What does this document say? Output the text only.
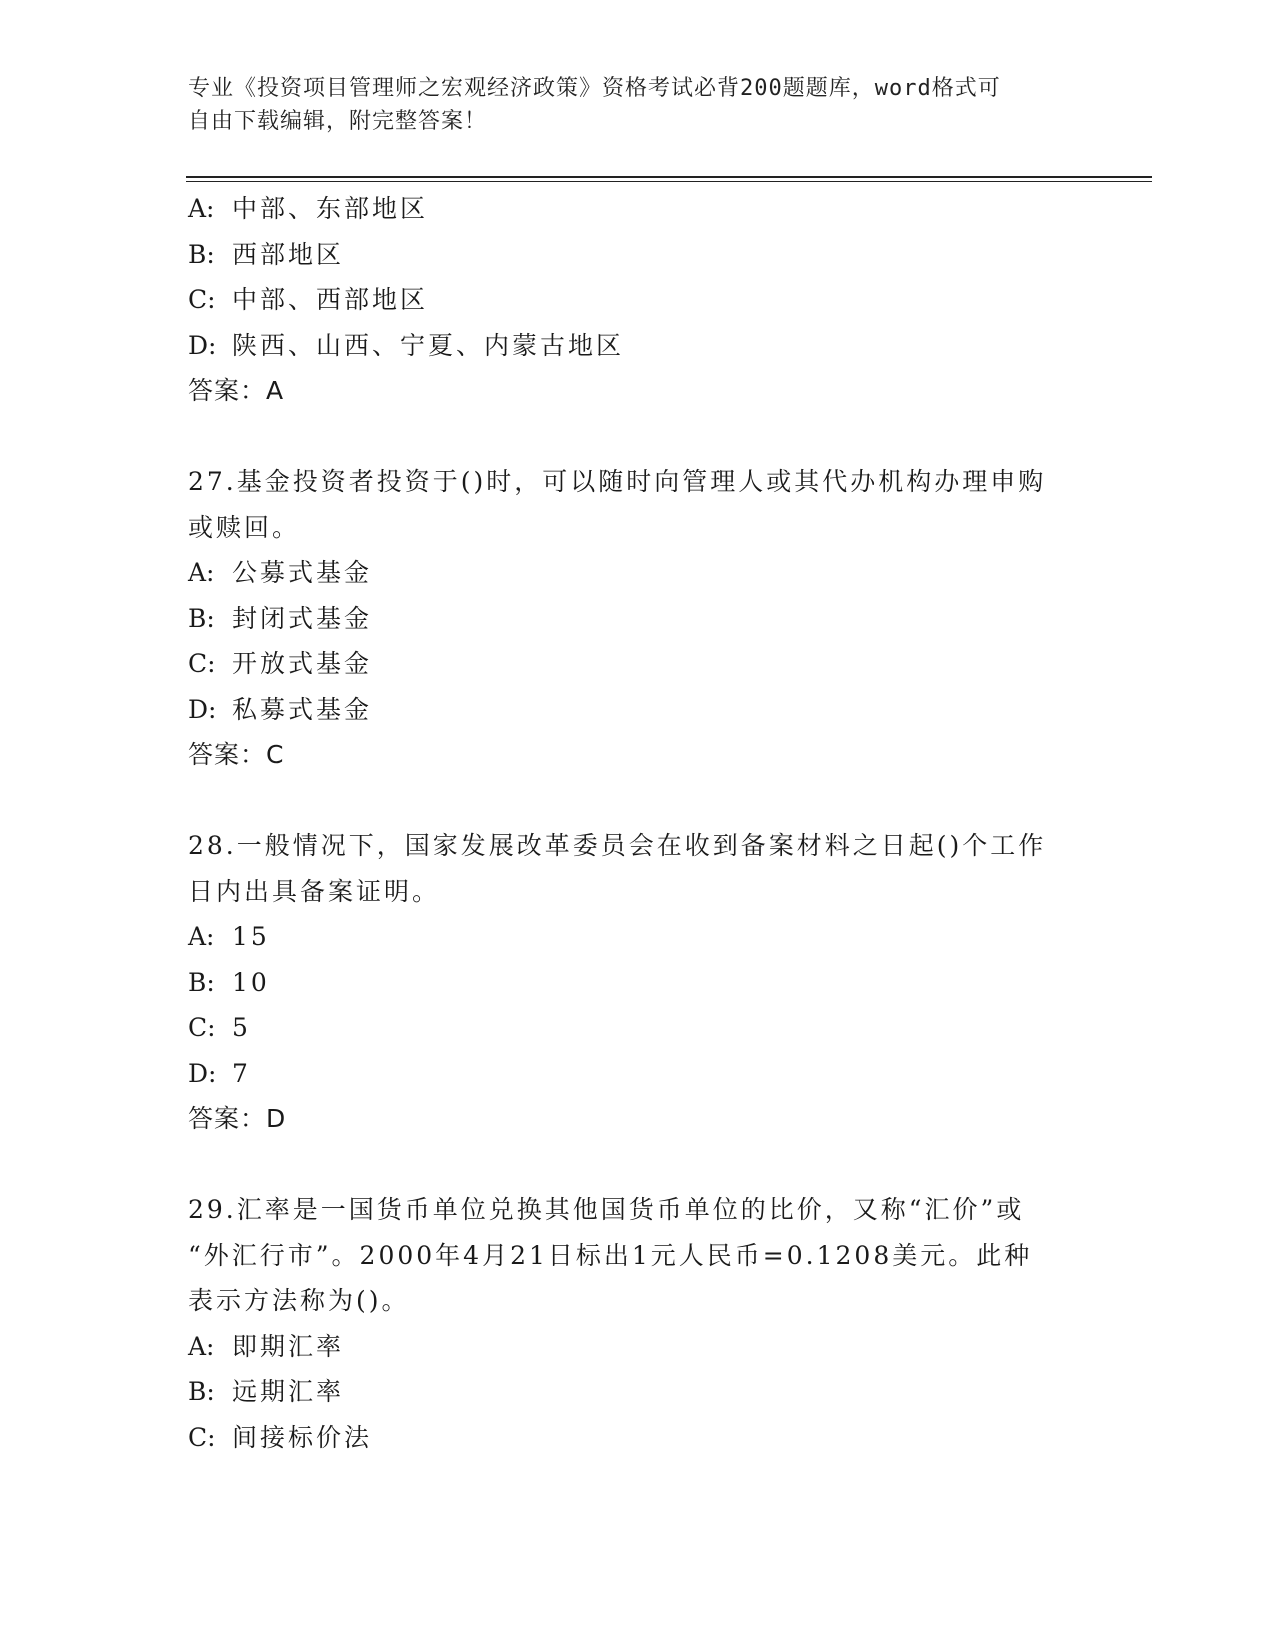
专业《投资项目管理师之宏观经济政策》资格考试必背200题题库，word格式可
自由下载编辑，附完整答案！
A: 中部、东部地区
B: 西部地区
C: 中部、西部地区
D: 陕西、山西、宁夏、内蒙古地区
答案：A
27.基金投资者投资于()时，可以随时向管理人或其代办机构办理申购
或赎回。
A: 公募式基金
B: 封闭式基金
C: 开放式基金
D: 私募式基金
答案：C
28.一般情况下，国家发展改革委员会在收到备案材料之日起()个工作
日内出具备案证明。
A: 15
B: 10
C: 5
D: 7
答案：D
29.汇率是一国货币单位兑换其他国货币单位的比价，又称“汇价”或
“外汇行市”。2000年4月21日标出1元人民币=0.1208美元。此种
表示方法称为()。
A: 即期汇率
B: 远期汇率
C: 间接标价法
